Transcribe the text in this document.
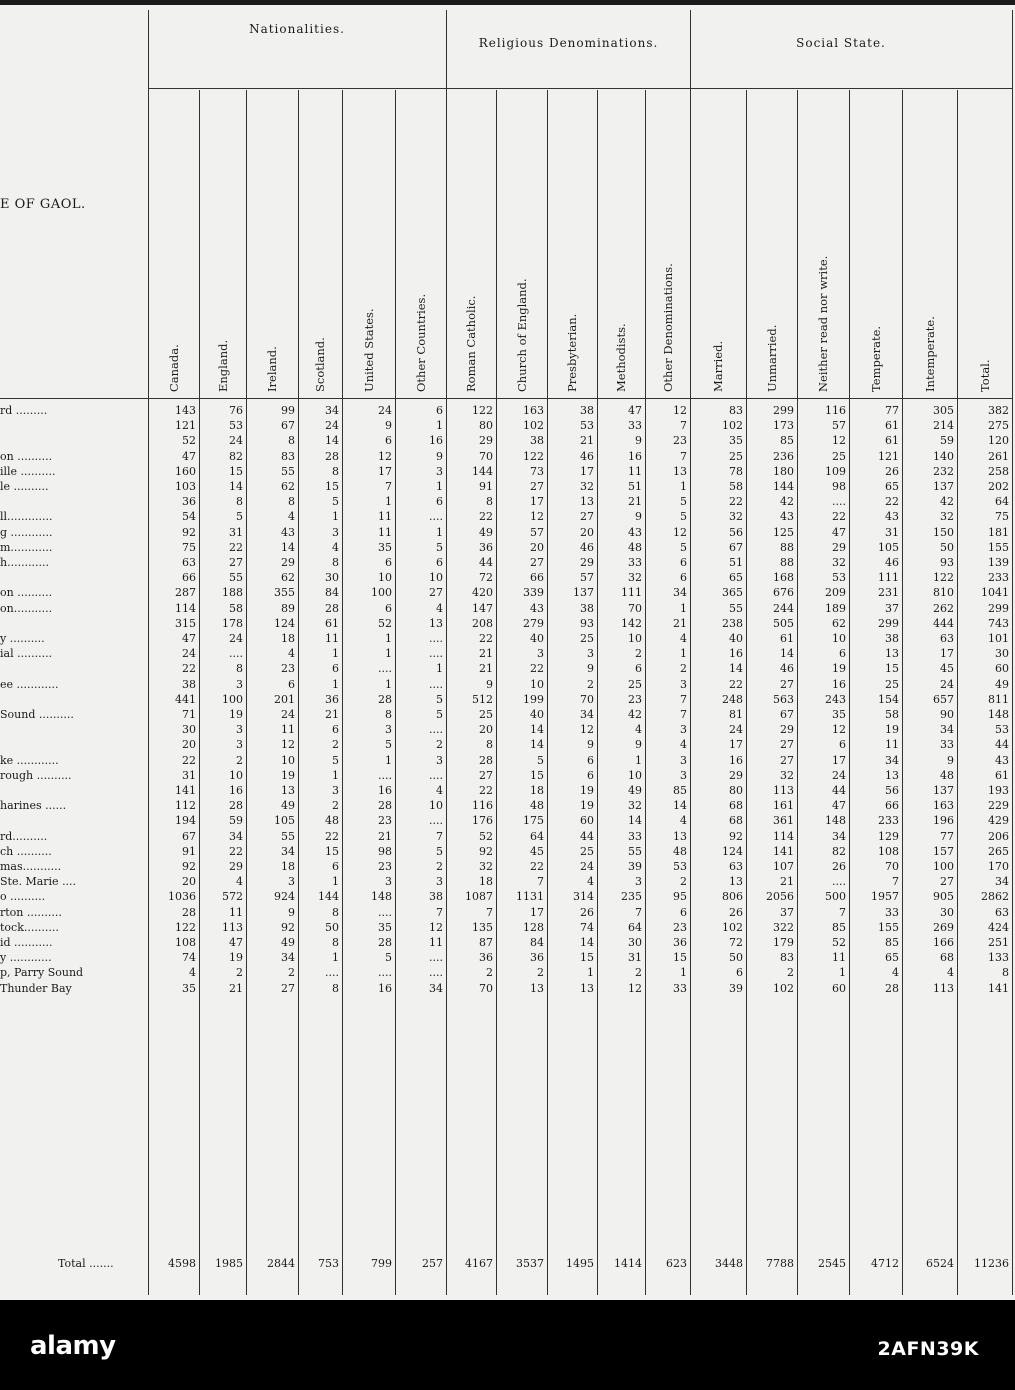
Nationalities.
Religious Denominations.	Social State.
E OF GAOL.
Canada.	England.	Ireland.	Scotland.	United States.	Other Countries.	Roman Catholic.	Church of England.	Presbyterian.	Methodists.	Other Denominations.	Married.	Unmarried.	Neither read nor write.	Temperate.	Intemperate.	Total.
rd .........	143	76	99	34	24	6	122	163	38	47	12	83	299	116	77	305	382
121	53	67	24	9	1	80	102	53	33	7	102	173	57	61	214	275
52	24	8	14	6	16	29	38	21	9	23	35	85	12	61	59	120
on ..........	47	82	83	28	12	9	70	122	46	16	7	25	236	25	121	140	261
ille ..........	160	15	55	8	17	3	144	73	17	11	13	78	180	109	26	232	258
le ..........	103	14	62	15	7	1	91	27	32	51	1	58	144	98	65	137	202
36	8	8	5	1	6	8	17	13	21	5	22	42	....	22	42	64
ll.............	54	5	4	1	11	....	22	12	27	9	5	32	43	22	43	32	75
g ............	92	31	43	3	11	1	49	57	20	43	12	56	125	47	31	150	181
m............	75	22	14	4	35	5	36	20	46	48	5	67	88	29	105	50	155
h............	63	27	29	8	6	6	44	27	29	33	6	51	88	32	46	93	139
66	55	62	30	10	10	72	66	57	32	6	65	168	53	111	122	233
on ..........	287	188	355	84	100	27	420	339	137	111	34	365	676	209	231	810	1041
on...........	114	58	89	28	6	4	147	43	38	70	1	55	244	189	37	262	299
315	178	124	61	52	13	208	279	93	142	21	238	505	62	299	444	743
y ..........	47	24	18	11	1	....	22	40	25	10	4	40	61	10	38	63	101
ial ..........	24	....	4	1	1	....	21	3	3	2	1	16	14	6	13	17	30
22	8	23	6	....	1	21	22	9	6	2	14	46	19	15	45	60
ee ............	38	3	6	1	1	....	9	10	2	25	3	22	27	16	25	24	49
441	100	201	36	28	5	512	199	70	23	7	248	563	243	154	657	811
Sound ..........	71	19	24	21	8	5	25	40	34	42	7	81	67	35	58	90	148
30	3	11	6	3	....	20	14	12	4	3	24	29	12	19	34	53
20	3	12	2	5	2	8	14	9	9	4	17	27	6	11	33	44
ke ............	22	2	10	5	1	3	28	5	6	1	3	16	27	17	34	9	43
rough ..........	31	10	19	1	....	....	27	15	6	10	3	29	32	24	13	48	61
141	16	13	3	16	4	22	18	19	49	85	80	113	44	56	137	193
harines ......	112	28	49	2	28	10	116	48	19	32	14	68	161	47	66	163	229
194	59	105	48	23	....	176	175	60	14	4	68	361	148	233	196	429
rd..........	67	34	55	22	21	7	52	64	44	33	13	92	114	34	129	77	206
ch ..........	91	22	34	15	98	5	92	45	25	55	48	124	141	82	108	157	265
mas...........	92	29	18	6	23	2	32	22	24	39	53	63	107	26	70	100	170
Ste. Marie ....	20	4	3	1	3	3	18	7	4	3	2	13	21	....	7	27	34
o ..........	1036	572	924	144	148	38	1087	1131	314	235	95	806	2056	500	1957	905	2862
rton ..........	28	11	9	8	....	7	7	17	26	7	6	26	37	7	33	30	63
tock..........	122	113	92	50	35	12	135	128	74	64	23	102	322	85	155	269	424
id ...........	108	47	49	8	28	11	87	84	14	30	36	72	179	52	85	166	251
y ............	74	19	34	1	5	....	36	36	15	31	15	50	83	11	65	68	133
p, Parry Sound	4	2	2	....	....	....	2	2	1	2	1	6	2	1	4	4	8
Thunder Bay	35	21	27	8	16	34	70	13	13	12	33	39	102	60	28	113	141
Total .......	4598	1985	2844	753	799	257	4167	3537	1495	1414	623	3448	7788	2545	4712	6524	11236
alamy	2AFN39K
